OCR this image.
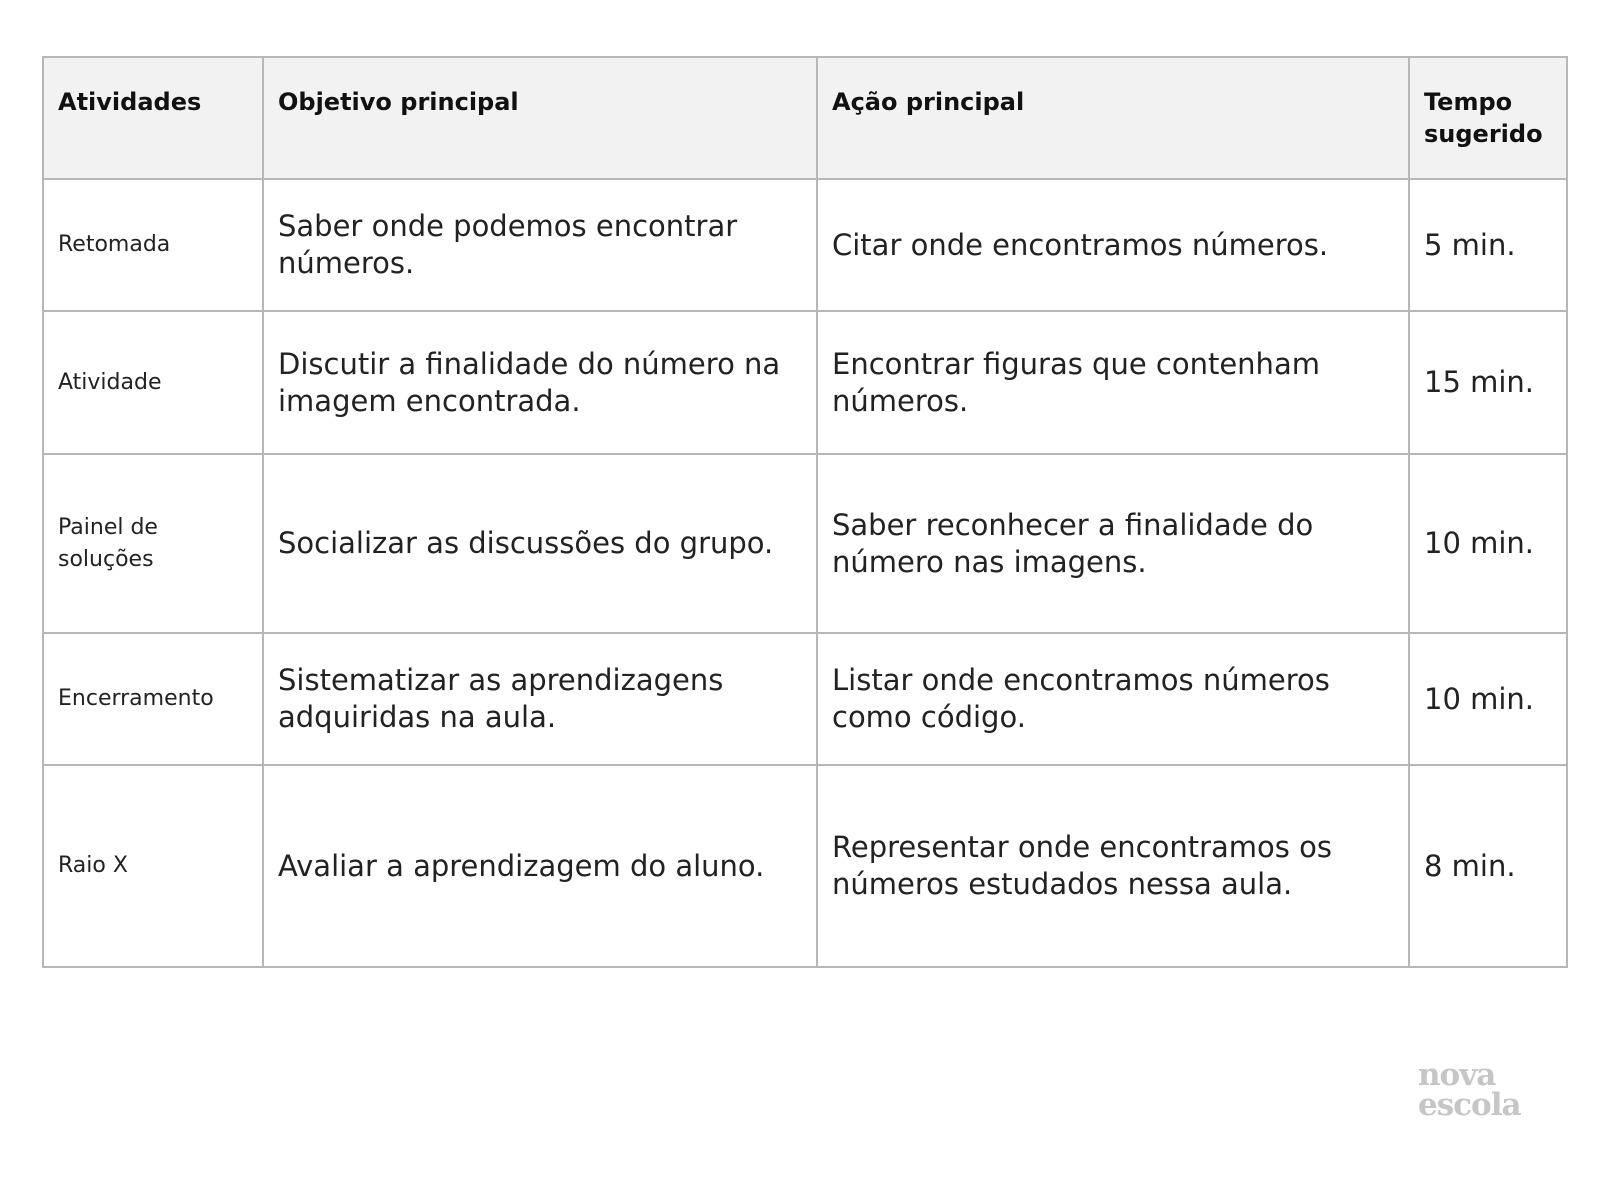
Atividades	Objetivo principal	Ação principal	Tempo sugerido
Retomada	Saber onde podemos encontrar números.	Citar onde encontramos números.	5 min.
Atividade	Discutir a finalidade do número na imagem encontrada.	Encontrar figuras que contenham números.	15 min.
Painel de soluções	Socializar as discussões do grupo.	Saber reconhecer a finalidade do número nas imagens.	10 min.
Encerramento	Sistematizar as aprendizagens adquiridas na aula.	Listar onde encontramos números como código.	10 min.
Raio X	Avaliar a aprendizagem do aluno.	Representar onde encontramos os números estudados nessa aula.	8 min.
nova
escola
